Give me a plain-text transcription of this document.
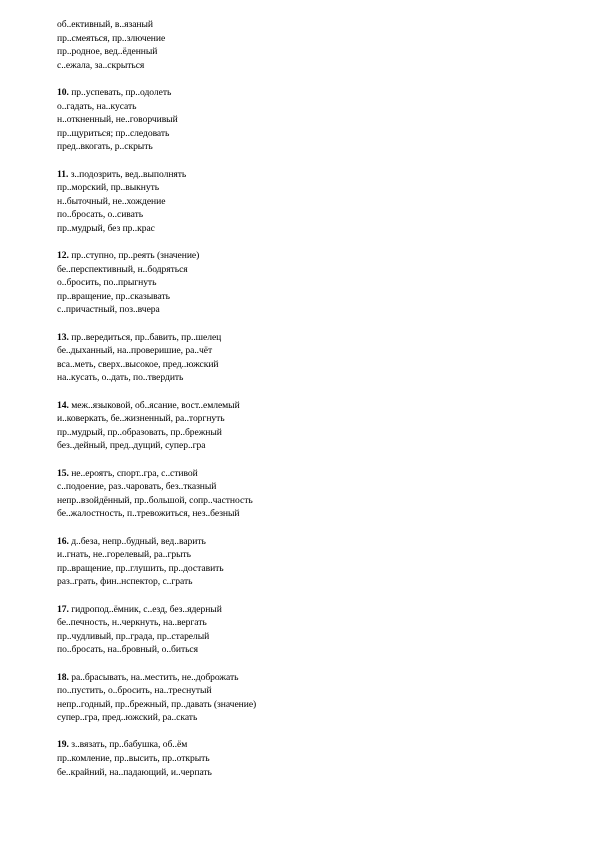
об..ективный, в..язаный
пр..смеяться, пр..злючение
пр..родное, вед..ёденный
с..ежала, за..скрыться
10. пр..успевать, пр..одолеть
о..гадать, на..кусать
н..откненный, не..говорчивый
пр..щуриться; пр..следовать
пред..вкогать, р..скрыть
11. з..подозрить, вед..выполнять
пр..морский, пр..выкнуть
н..быточный, не..хождение
по..бросать, о..сивать
пр..мудрый, без пр..крас
12. пр..ступно, пр..реять (значение)
бе..перспективный, н..бодряться
о..бросить, по..прыгнуть
пр..вращение, пр..сказывать
с..причастный, поз..вчера
13. пр..вередиться, пр..бавить, пр..шелец
бе..дыханный, на..проверишие, ра..чёт
вса..меть, сверх..высокое, пред..южский
на..кусать, о..дать, по..твердить
14. меж..языковой, об..ясание, вост..емлемый
и..коверкать, бе..жизненный, ра..торгнуть
пр..мудрый, пр..образовать, пр..брежный
без..дейный, пред..дущий, супер..гра
15. не..ероятъ, спорт..гра, с..стивой
с..подоение, раз..чаровать, без..тказный
непр..взойдённый, пр..большой, сопр..частность
бе..жалостность, п..тревожиться, нез..безный
16. д..беза, непр..будный, вед..варить
и..гнать, не..горелевый, ра..грыть
пр..вращение, пр..глушить, пр..доставить
раз..грать, фин..нспектор, с..грать
17. гидропод..ёмник, с..езд, без..ядерный
бе..печность, н..черкнуть, на..вергать
пр..чудливый, пр..града, пр..старелый
по..бросать, на..бровный, о..биться
18. ра..брасывать, на..местить, не..доброжать
по..пустить, о..бросить, на..треснутый
непр..годный, пр..брежный, пр..давать (значение)
супер..гра, пред..южский, ра..скать
19. з..вязать, пр..бабушка, об..ём
пр..комление, пр..высить, пр..открыть
бе..крайний, на..падающий, и..черпать
